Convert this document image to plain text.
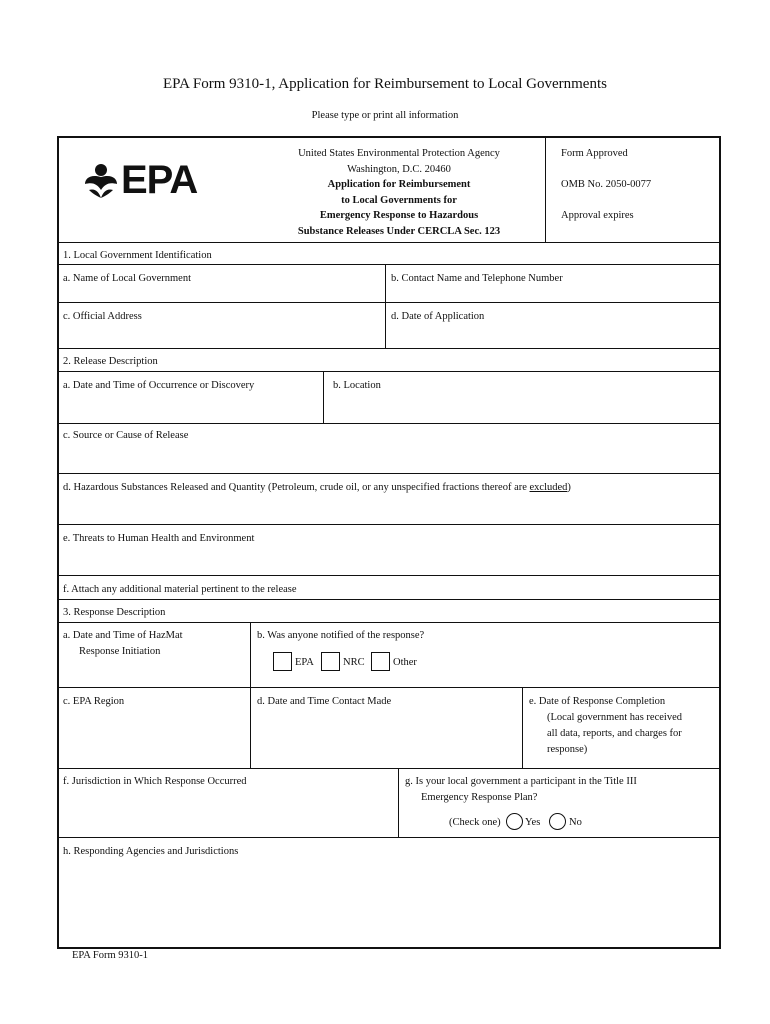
EPA Form 9310-1, Application for Reimbursement to Local Governments
Please type or print all information
EPA
United States Environmental Protection Agency
Washington, D.C. 20460
Application for Reimbursement
to Local Governments for
Emergency Response to Hazardous
Substance Releases Under CERCLA Sec. 123
Form Approved
OMB No. 2050-0077
Approval expires
1. Local Government Identification
a. Name of Local Government	b. Contact Name and Telephone Number
c. Official Address	d. Date of Application
2. Release Description
a. Date and Time of Occurrence or Discovery	b. Location
c. Source or Cause of Release
d. Hazardous Substances Released and Quantity (Petroleum, crude oil, or any unspecified fractions thereof are excluded)
e. Threats to Human Health and Environment
f. Attach any additional material pertinent to the release
3. Response Description
a. Date and Time of HazMat
Response Initiation
b. Was anyone notified of the response?
EPA	NRC	Other
c. EPA Region	d. Date and Time Contact Made	e. Date of Response Completion
(Local government has received
all data, reports, and charges for
response)
f. Jurisdiction in Which Response Occurred	g. Is your local government a participant in the Title III
Emergency Response Plan?
(Check one) Yes	No
h. Responding Agencies and Jurisdictions
EPA Form 9310-1
